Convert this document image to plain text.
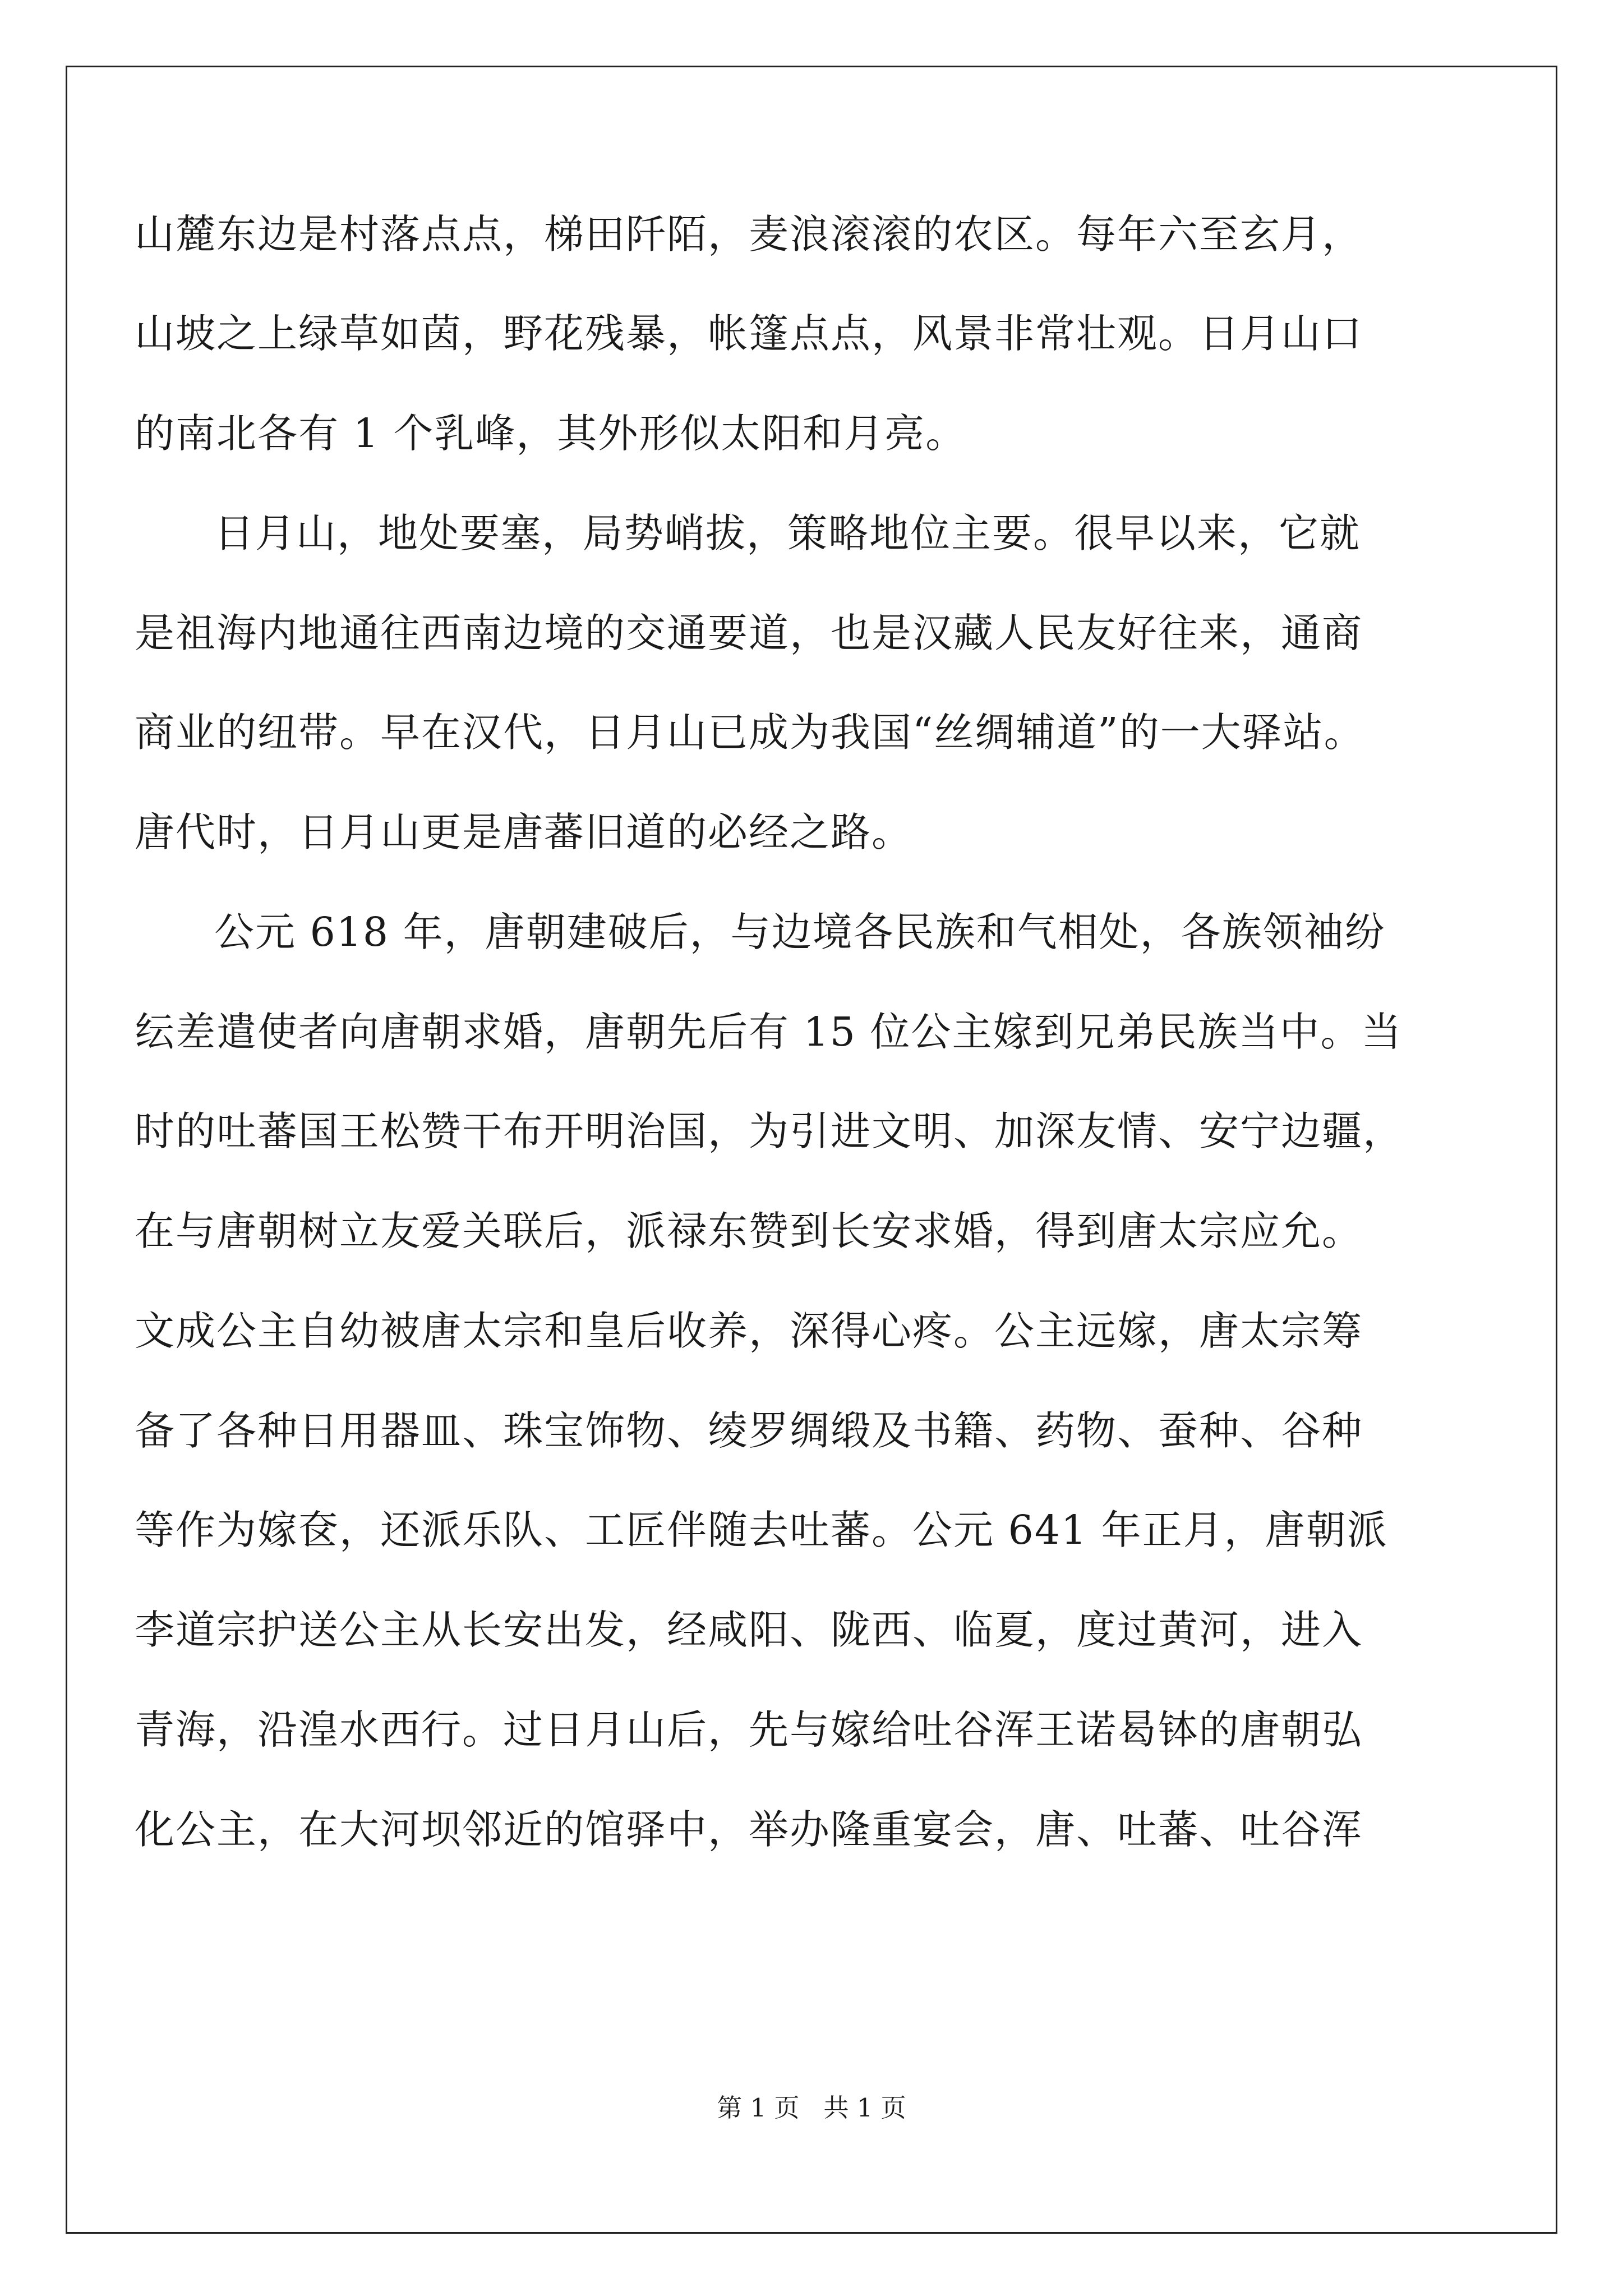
山麓东边是村落点点，梯田阡陌，麦浪滚滚的农区。每年六至玄月，

山坡之上绿草如茵，野花残暴，帐篷点点，风景非常壮观。日月山口

的南北各有 1 个乳峰，其外形似太阳和月亮。

日月山，地处要塞，局势峭拔，策略地位主要。很早以来，它就

是祖海内地通往西南边境的交通要道，也是汉藏人民友好往来，通商

商业的纽带。早在汉代，日月山已成为我国“丝绸辅道”的一大驿站。

唐代时，日月山更是唐蕃旧道的必经之路。

公元 618 年，唐朝建破后，与边境各民族和气相处，各族领袖纷

纭差遣使者向唐朝求婚，唐朝先后有 15 位公主嫁到兄弟民族当中。当

时的吐蕃国王松赞干布开明治国，为引进文明、加深友情、安宁边疆，

在与唐朝树立友爱关联后，派禄东赞到长安求婚，得到唐太宗应允。

文成公主自幼被唐太宗和皇后收养，深得心疼。公主远嫁，唐太宗筹

备了各种日用器皿、珠宝饰物、绫罗绸缎及书籍、药物、蚕种、谷种

等作为嫁奁，还派乐队、工匠伴随去吐蕃。公元 641 年正月，唐朝派

李道宗护送公主从长安出发，经咸阳、陇西、临夏，度过黄河，进入

青海，沿湟水西行。过日月山后，先与嫁给吐谷浑王诺曷钵的唐朝弘

化公主，在大河坝邻近的馆驿中，举办隆重宴会，唐、吐蕃、吐谷浑

第 1 页   共 1 页
